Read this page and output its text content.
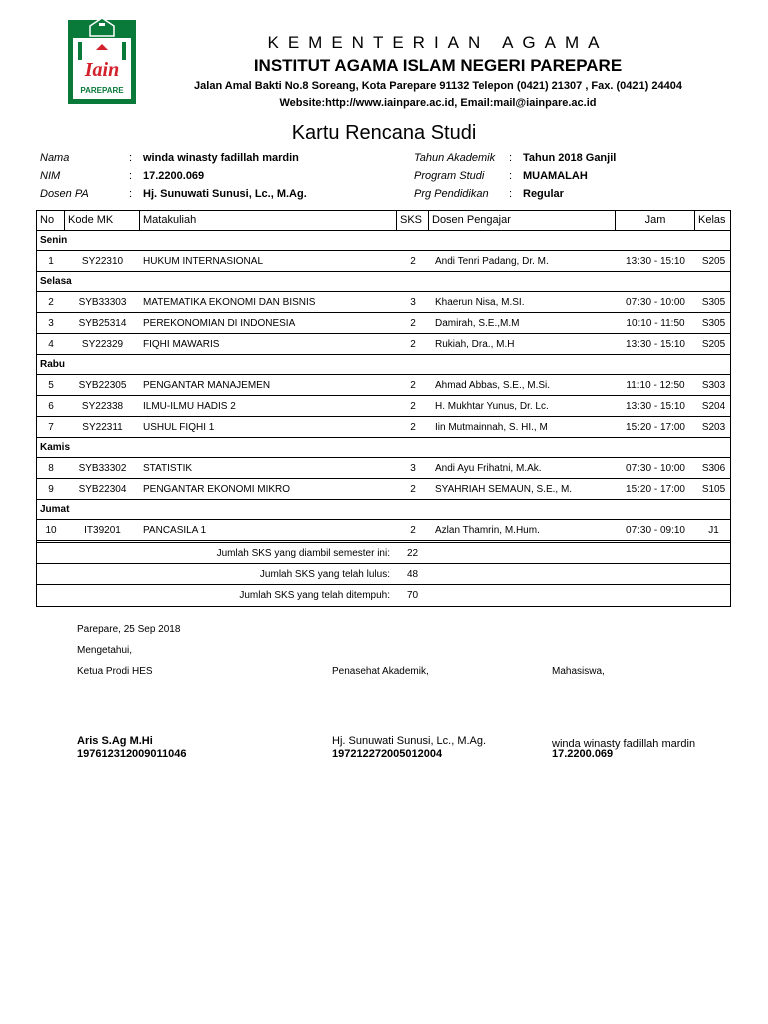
Iain
PAREPARE
KEMENTERIAN AGAMA
INSTITUT AGAMA ISLAM NEGERI PAREPARE
Jalan Amal Bakti No.8 Soreang, Kota Parepare 91132 Telepon (0421) 21307 , Fax. (0421) 24404
Website:http://www.iainpare.ac.id, Email:mail@iainpare.ac.id
Kartu Rencana Studi
Nama	: winda winasty fadillah mardin
NIM	: 17.2200.069
Dosen PA	: Hj. Sunuwati Sunusi, Lc., M.Ag.
Tahun Akademik : Tahun 2018 Ganjil
Program Studi : MUAMALAH
Prg Pendidikan : Regular
No	Kode MK	Matakuliah	SKS Dosen Pengajar	Jam	Kelas
Senin
1	SY22310	HUKUM INTERNASIONAL	2	Andi Tenri Padang, Dr. M.	13:30 - 15:10	S205
Selasa
2	SYB33303	MATEMATIKA EKONOMI DAN BISNIS	3	Khaerun Nisa, M.SI.	07:30 - 10:00	S305
3	SYB25314	PEREKONOMIAN DI INDONESIA	2	Damirah, S.E.,M.M	10:10 - 11:50	S305
4	SY22329	FIQHI MAWARIS	2	Rukiah, Dra., M.H	13:30 - 15:10	S205
Rabu
5	SYB22305	PENGANTAR MANAJEMEN	2	Ahmad Abbas, S.E., M.Si.	11:10 - 12:50	S303
6	SY22338	ILMU-ILMU HADIS 2	2	H. Mukhtar Yunus, Dr. Lc.	13:30 - 15:10	S204
7	SY22311	USHUL FIQHI 1	2	Iin Mutmainnah, S. HI., M	15:20 - 17:00	S203
Kamis
8	SYB33302	STATISTIK	3	Andi Ayu Frihatni, M.Ak.	07:30 - 10:00	S306
9	SYB22304	PENGANTAR EKONOMI MIKRO	2	SYAHRIAH SEMAUN, S.E., M.	15:20 - 17:00	S105
Jumat
10	IT39201	PANCASILA 1	2	Azlan Thamrin, M.Hum.	07:30 - 09:10	J1
Jumlah SKS yang diambil semester ini: 22
Jumlah SKS yang telah lulus: 48
Jumlah SKS yang telah ditempuh: 70
Parepare, 25 Sep 2018
Mengetahui,
Ketua Prodi HES	Penasehat Akademik,	Mahasiswa,
Aris S.Ag M.Hi
197612312009011046
Hj. Sunuwati Sunusi, Lc., M.Ag.
197212272005012004
winda winasty fadillah mardin
17.2200.069
